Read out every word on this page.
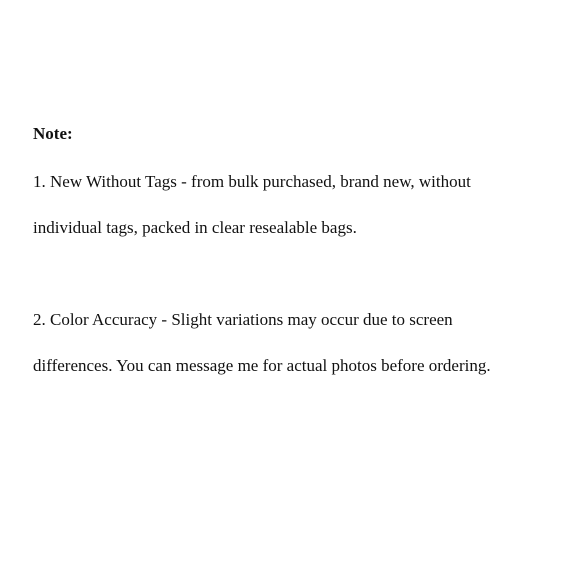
Note:

1. New Without Tags - from bulk purchased, brand new, without

individual tags, packed in clear resealable bags.

2. Color Accuracy - Slight variations may occur due to screen

differences. You can message me for actual photos before ordering.
